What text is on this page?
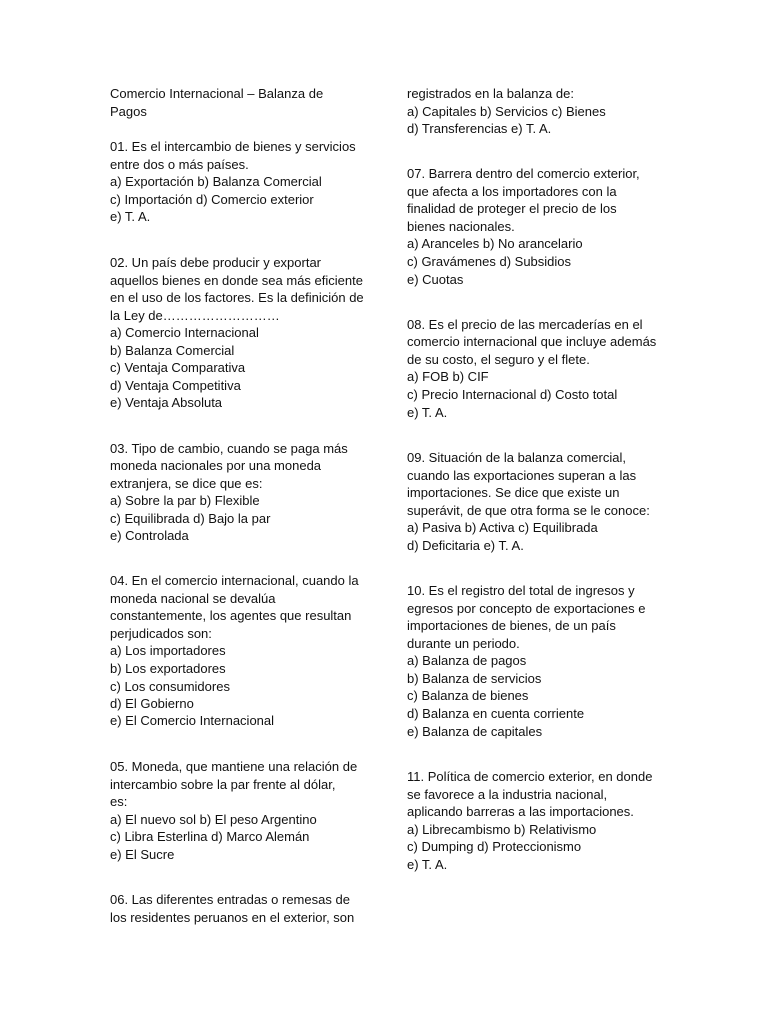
Comercio Internacional – Balanza de
Pagos
01. Es el intercambio de bienes y servicios
entre dos o más países.
a) Exportación b) Balanza Comercial
c) Importación d) Comercio exterior
e) T. A.
02. Un país debe producir y exportar
aquellos bienes en donde sea más eficiente
en el uso de los factores. Es la definición de
la Ley de………………………
a) Comercio Internacional
b) Balanza Comercial
c) Ventaja Comparativa
d) Ventaja Competitiva
e) Ventaja Absoluta
03. Tipo de cambio, cuando se paga más
moneda nacionales por una moneda
extranjera, se dice que es:
a) Sobre la par b) Flexible
c) Equilibrada d) Bajo la par
e) Controlada
04. En el comercio internacional, cuando la
moneda nacional se devalúa
constantemente, los agentes que resultan
perjudicados son:
a) Los importadores
b) Los exportadores
c) Los consumidores
d) El Gobierno
e) El Comercio Internacional
05. Moneda, que mantiene una relación de
intercambio sobre la par frente al dólar,
es:
a) El nuevo sol b) El peso Argentino
c) Libra Esterlina d) Marco Alemán
e) El Sucre
06. Las diferentes entradas o remesas de
los residentes peruanos en el exterior, son
registrados en la balanza de:
a) Capitales b) Servicios c) Bienes
d) Transferencias e) T. A.
07. Barrera dentro del comercio exterior,
que afecta a los importadores con la
finalidad de proteger el precio de los
bienes nacionales.
a) Aranceles b) No arancelario
c) Gravámenes d) Subsidios
e) Cuotas
08. Es el precio de las mercaderías en el
comercio internacional que incluye además
de su costo, el seguro y el flete.
a) FOB b) CIF
c) Precio Internacional d) Costo total
e) T. A.
09. Situación de la balanza comercial,
cuando las exportaciones superan a las
importaciones. Se dice que existe un
superávit, de que otra forma se le conoce:
a) Pasiva b) Activa c) Equilibrada
d) Deficitaria e) T. A.
10. Es el registro del total de ingresos y
egresos por concepto de exportaciones e
importaciones de bienes, de un país
durante un periodo.
a) Balanza de pagos
b) Balanza de servicios
c) Balanza de bienes
d) Balanza en cuenta corriente
e) Balanza de capitales
11. Política de comercio exterior, en donde
se favorece a la industria nacional,
aplicando barreras a las importaciones.
a) Librecambismo b) Relativismo
c) Dumping d) Proteccionismo
e) T. A.
